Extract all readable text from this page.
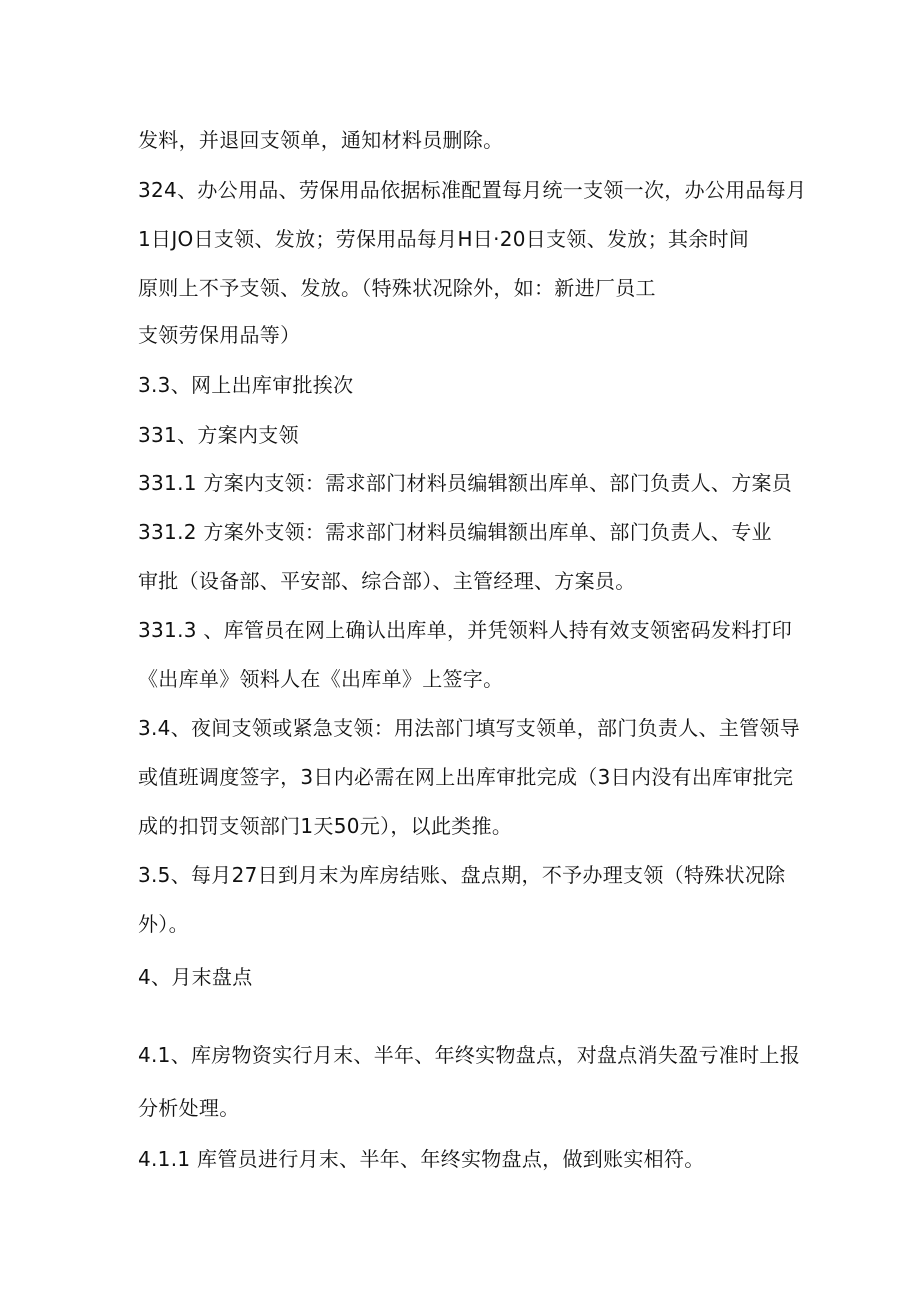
发料，并退回支领单，通知材料员删除。
324、办公用品、劳保用品依据标准配置每月统一支领一次，办公用品每月
1日JO日支领、发放；劳保用品每月H日·20日支领、发放；其余时间
原则上不予支领、发放。（特殊状况除外，如：新进厂员工
支领劳保用品等）
3.3、网上出库审批挨次
331、方案内支领
331.1 方案内支领：需求部门材料员编辑额出库单、部门负责人、方案员
331.2 方案外支领：需求部门材料员编辑额出库单、部门负责人、专业
审批（设备部、平安部、综合部）、主管经理、方案员。
331.3 、库管员在网上确认出库单，并凭领料人持有效支领密码发料打印
《出库单》领料人在《出库单》上签字。
3.4、夜间支领或紧急支领：用法部门填写支领单，部门负责人、主管领导
或值班调度签字，3日内必需在网上出库审批完成（3日内没有出库审批完
成的扣罚支领部门1天50元），以此类推。
3.5、每月27日到月末为库房结账、盘点期，不予办理支领（特殊状况除
外）。
4、月末盘点
4.1、库房物资实行月末、半年、年终实物盘点，对盘点消失盈亏准时上报
分析处理。
4.1.1 库管员进行月末、半年、年终实物盘点，做到账实相符。
